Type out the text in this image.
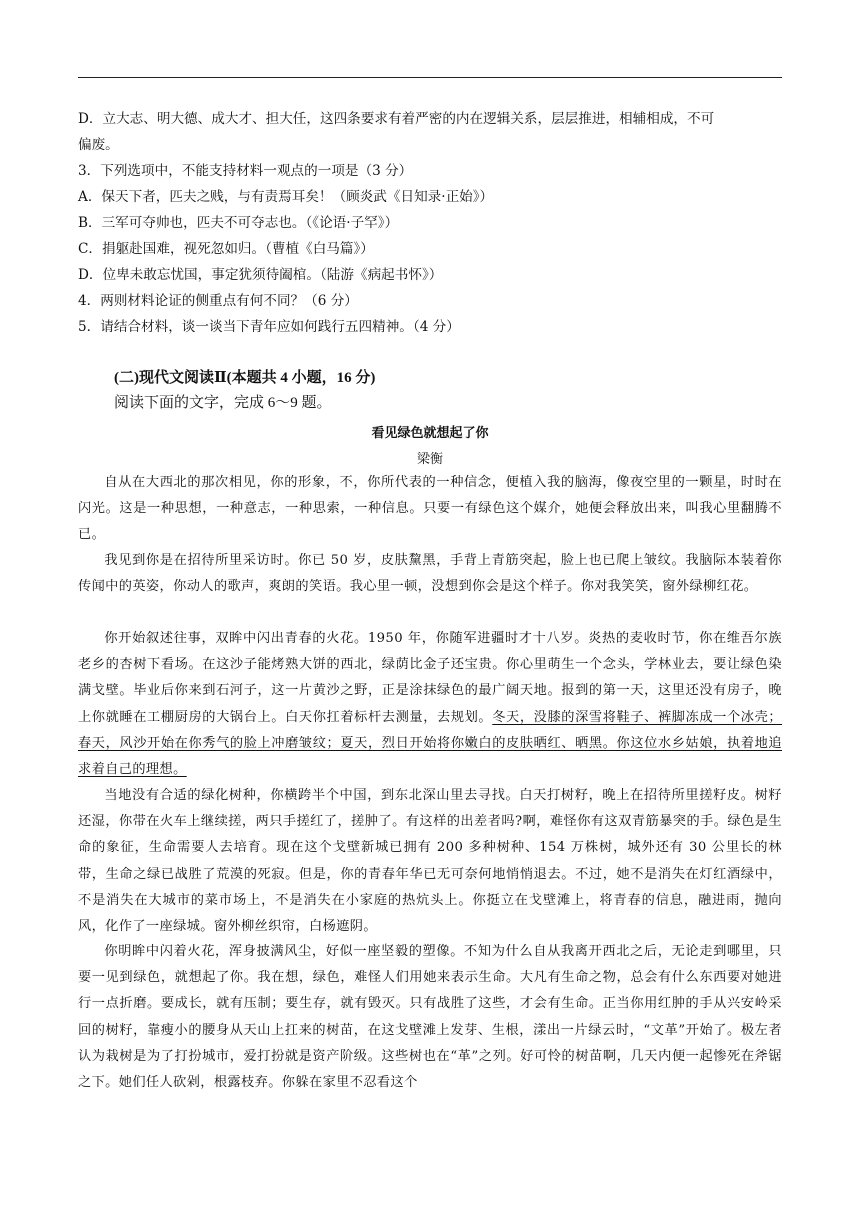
D．立大志、明大德、成大才、担大任，这四条要求有着严密的内在逻辑关系，层层推进，相辅相成，不可

偏废。

3．下列选项中，不能支持材料一观点的一项是（3 分）

A．保天下者，匹夫之贱，与有责焉耳矣！（顾炎武《日知录·正始》）

B．三军可夺帅也，匹夫不可夺志也。（《论语·子罕》）

C．捐躯赴国难，视死忽如归。（曹植《白马篇》）

D．位卑未敢忘忧国，事定犹须待阖棺。（陆游《病起书怀》）

4．两则材料论证的侧重点有何不同？（6 分）

5．请结合材料，谈一谈当下青年应如何践行五四精神。（4 分）

(二)现代文阅读Ⅱ(本题共 4 小题，16 分)

阅读下面的文字，完成 6～9 题。

看见绿色就想起了你

梁衡

自从在大西北的那次相见，你的形象，不，你所代表的一种信念，便植入我的脑海，像夜空里的一颗星，时时在闪光。这是一种思想，一种意志，一种思索，一种信息。只要一有绿色这个媒介，她便会释放出来，叫我心里翻腾不已。

我见到你是在招待所里采访时。你已 50 岁，皮肤黧黑，手背上青筋突起，脸上也已爬上皱纹。我脑际本装着你传闻中的英姿，你动人的歌声，爽朗的笑语。我心里一顿，没想到你会是这个样子。你对我笑笑，窗外绿柳红花。

你开始叙述往事，双眸中闪出青春的火花。1950 年，你随军进疆时才十八岁。炎热的麦收时节，你在维吾尔族老乡的杏树下看场。在这沙子能烤熟大饼的西北，绿荫比金子还宝贵。你心里萌生一个念头，学林业去，要让绿色染满戈壁。毕业后你来到石河子，这一片黄沙之野，正是涂抹绿色的最广阔天地。报到的第一天，这里还没有房子，晚上你就睡在工棚厨房的大锅台上。白天你扛着标杆去测量，去规划。冬天，没膝的深雪将鞋子、裤脚冻成一个冰壳；春天，风沙开始在你秀气的脸上冲磨皱纹；夏天，烈日开始将你嫩白的皮肤晒红、晒黑。你这位水乡姑娘，执着地追求着自己的理想。

当地没有合适的绿化树种，你横跨半个中国，到东北深山里去寻找。白天打树籽，晚上在招待所里搓籽皮。树籽还湿，你带在火车上继续搓，两只手搓红了，搓肿了。有这样的出差者吗?啊，难怪你有这双青筋暴突的手。绿色是生命的象征，生命需要人去培育。现在这个戈壁新城已拥有 200 多种树种、154 万株树，城外还有 30 公里长的林带，生命之绿已战胜了荒漠的死寂。但是，你的青春年华已无可奈何地悄悄退去。不过，她不是消失在灯红酒绿中，不是消失在大城市的菜市场上，不是消失在小家庭的热炕头上。你挺立在戈壁滩上，将青春的信息，融进雨，抛向风，化作了一座绿城。窗外柳丝织帘，白杨遮阴。

你明眸中闪着火花，浑身披满风尘，好似一座坚毅的塑像。不知为什么自从我离开西北之后，无论走到哪里，只要一见到绿色，就想起了你。我在想，绿色，难怪人们用她来表示生命。大凡有生命之物，总会有什么东西要对她进行一点折磨。要成长，就有压制；要生存，就有毁灭。只有战胜了这些，才会有生命。正当你用红肿的手从兴安岭采回的树籽，靠瘦小的腰身从天山上扛来的树苗，在这戈壁滩上发芽、生根，漾出一片绿云时，“文革”开始了。极左者认为栽树是为了打扮城市，爱打扮就是资产阶级。这些树也在“革”之列。好可怜的树苗啊，几天内便一起惨死在斧锯之下。她们任人砍剁，根露枝弃。你躲在家里不忍看这个
